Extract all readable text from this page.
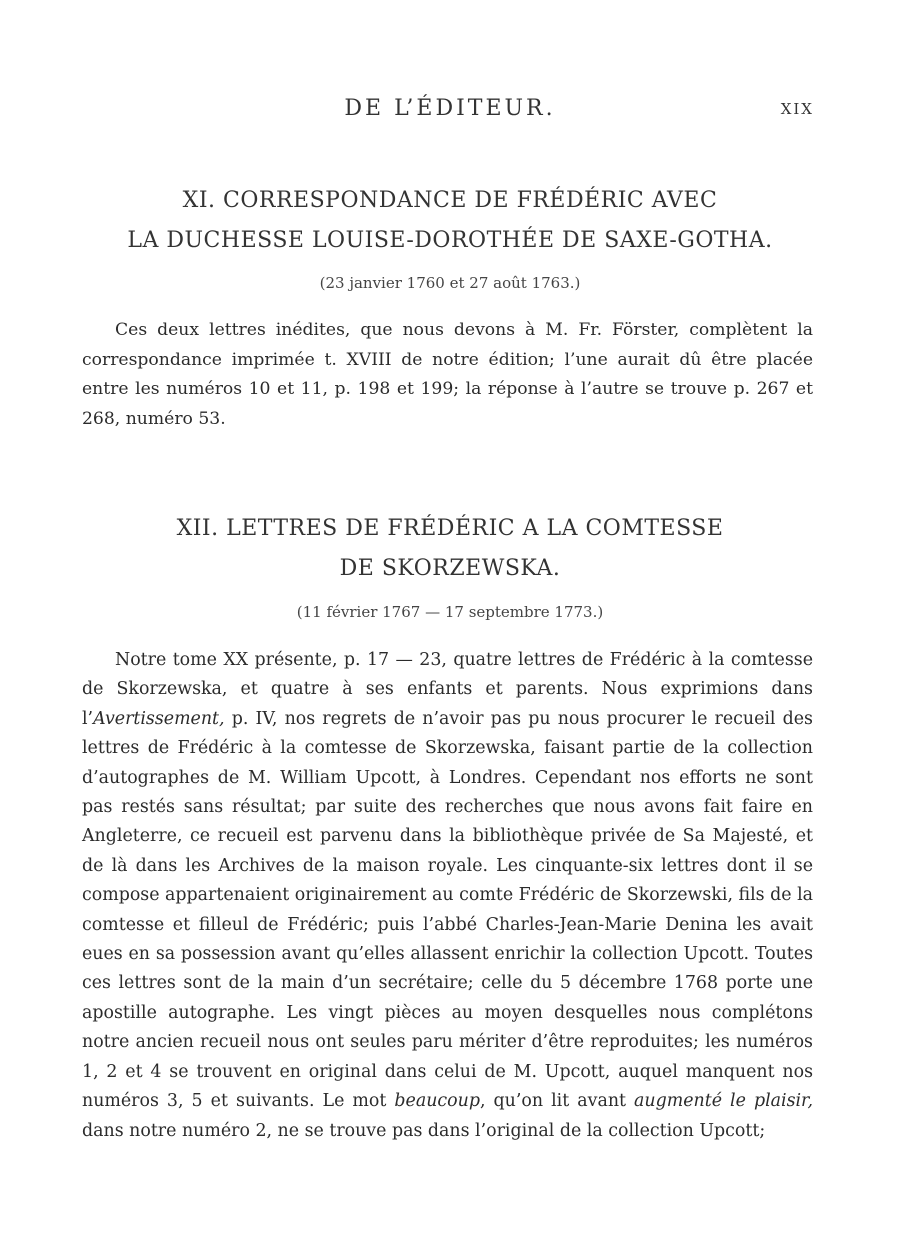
DE L’ÉDITEUR.	XIX
XI. CORRESPONDANCE DE FRÉDÉRIC AVEC
LA DUCHESSE LOUISE-DOROTHÉE DE SAXE-GOTHA.
(23 janvier 1760 et 27 août 1763.)
Ces deux lettres inédites, que nous devons à M. Fr. Förster, complètent la correspondance imprimée t. XVIII de notre édition; l’une aurait dû être placée entre les numéros 10 et 11, p. 198 et 199; la réponse à l’autre se trouve p. 267 et 268, numéro 53.
XII. LETTRES DE FRÉDÉRIC A LA COMTESSE
DE SKORZEWSKA.
(11 février 1767 — 17 septembre 1773.)
Notre tome XX présente, p. 17 — 23, quatre lettres de Frédéric à la comtesse de Skorzewska, et quatre à ses enfants et parents. Nous exprimions dans l’Avertissement, p. IV, nos regrets de n’avoir pas pu nous procurer le recueil des lettres de Frédéric à la comtesse de Skorzewska, faisant partie de la collection d’autographes de M. William Upcott, à Londres. Cependant nos efforts ne sont pas restés sans résultat; par suite des recherches que nous avons fait faire en Angleterre, ce recueil est parvenu dans la bibliothèque privée de Sa Majesté, et de là dans les Archives de la maison royale. Les cinquante-six lettres dont il se compose appartenaient originairement au comte Frédéric de Skorzewski, fils de la comtesse et filleul de Frédéric; puis l’abbé Charles-Jean-Marie Denina les avait eues en sa possession avant qu’elles allassent enrichir la collection Upcott. Toutes ces lettres sont de la main d’un secrétaire; celle du 5 décembre 1768 porte une apostille autographe. Les vingt pièces au moyen desquelles nous complétons notre ancien recueil nous ont seules paru mériter d’être reproduites; les numéros 1, 2 et 4 se trouvent en original dans celui de M. Upcott, auquel manquent nos numéros 3, 5 et suivants. Le mot beaucoup, qu’on lit avant augmenté le plaisir, dans notre numéro 2, ne se trouve pas dans l’original de la collection Upcott;
